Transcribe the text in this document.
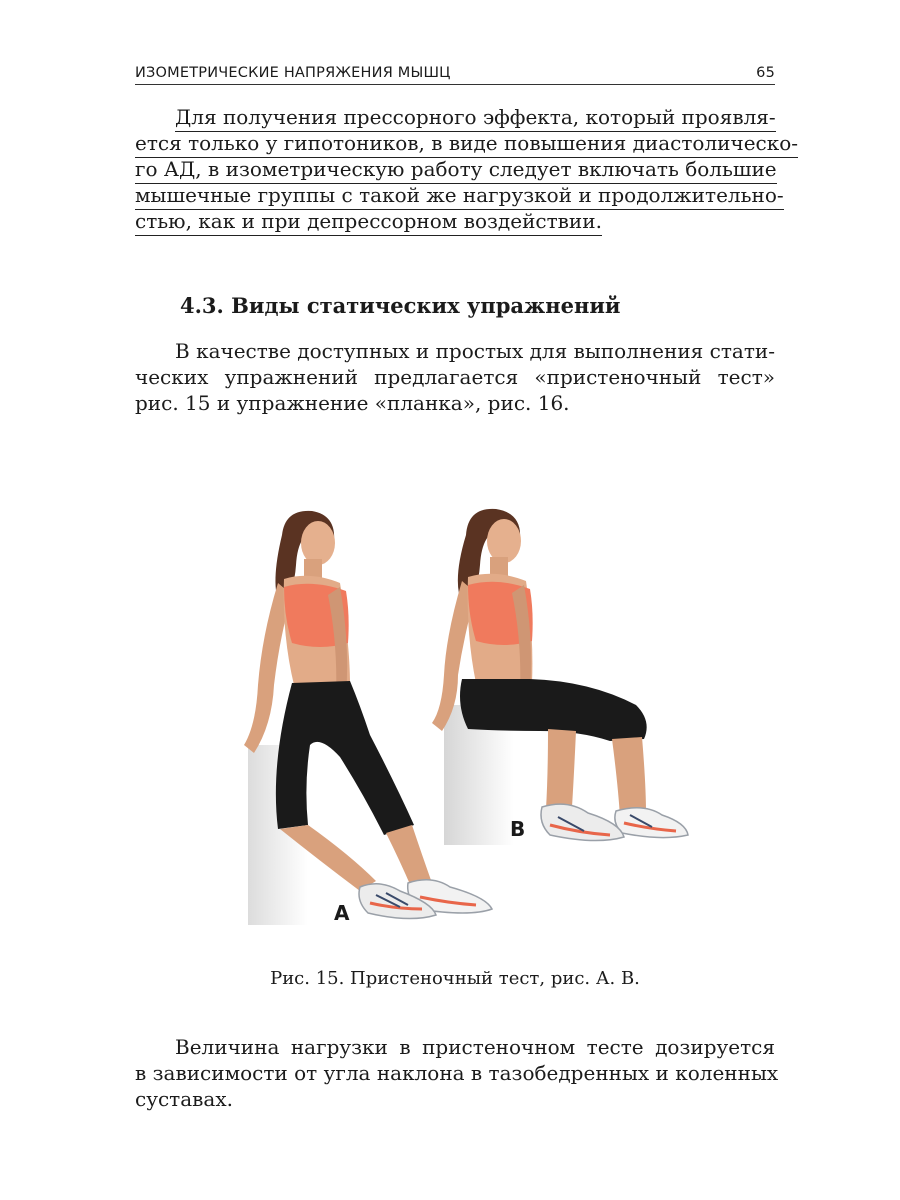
ИЗОМЕТРИЧЕСКИЕ НАПРЯЖЕНИЯ МЫШЦ	65
Для получения прессорного эффекта, который проявля-
ется только у гипотоников, в виде повышения диастолическо-
го АД, в изометрическую работу следует включать большие
мышечные группы с такой же нагрузкой и продолжительно-
стью, как и при депрессорном воздействии.
4.3. Виды статических упражнений
В качестве доступных и простых для выполнения стати-
ческих упражнений предлагается «пристеночный тест»
рис. 15 и упражнение «планка», рис. 16.
A
B
Рис. 15. Пристеночный тест, рис. А. В.
Величина нагрузки в пристеночном тесте дозируется
в зависимости от угла наклона в тазобедренных и коленных
суставах.
